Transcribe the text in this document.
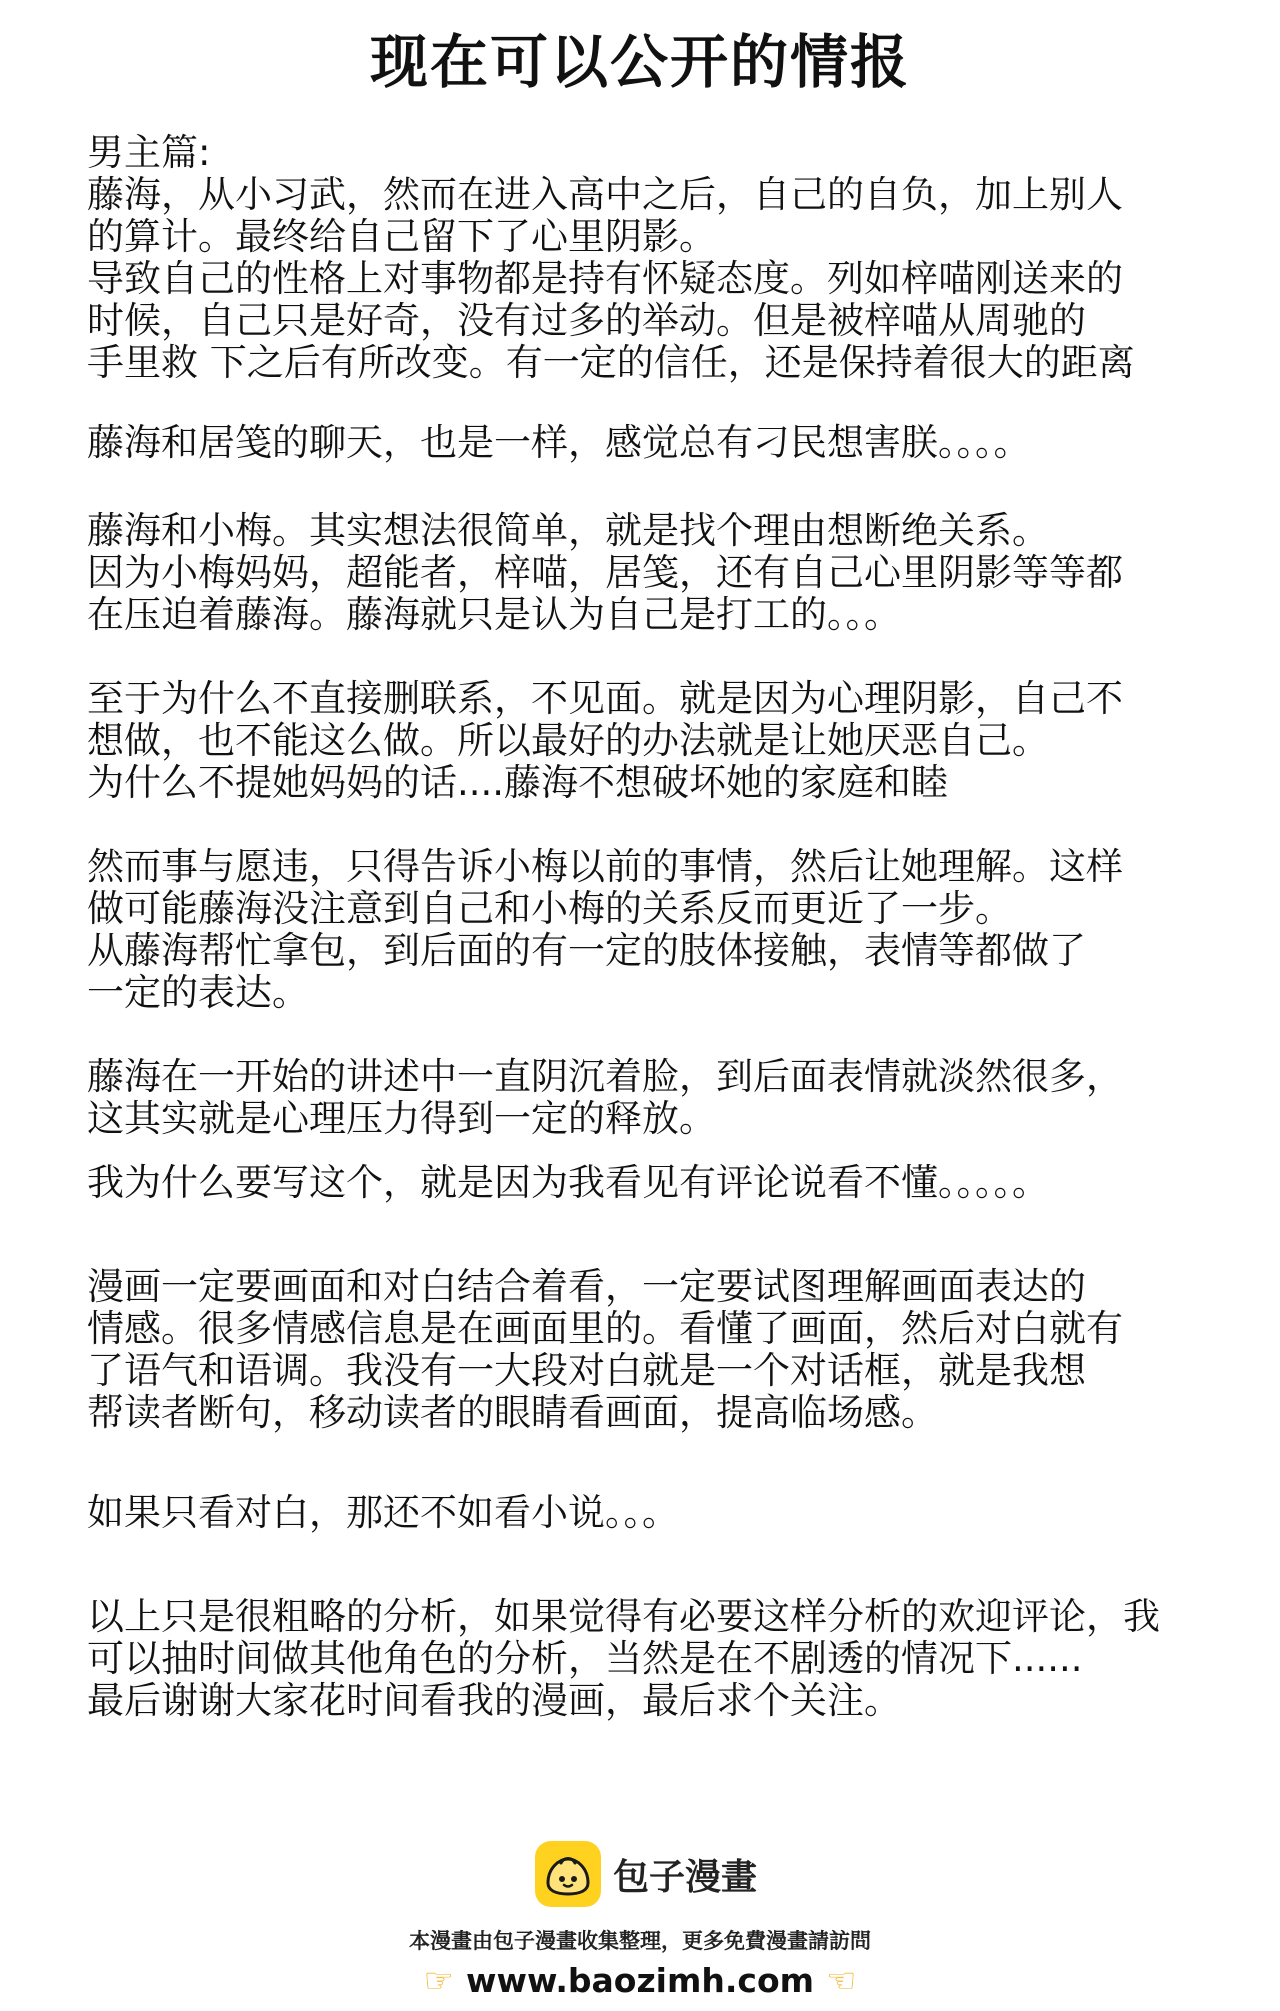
现在可以公开的情报
男主篇:
藤海，从小习武，然而在进入高中之后，自己的自负，加上别人
的算计。最终给自己留下了心里阴影。
导致自己的性格上对事物都是持有怀疑态度。列如梓喵刚送来的
时候，自己只是好奇，没有过多的举动。但是被梓喵从周驰的
手里救 下之后有所改变。有一定的信任，还是保持着很大的距离
藤海和居笺的聊天，也是一样，感觉总有刁民想害朕。。。。
藤海和小梅。其实想法很简单，就是找个理由想断绝关系。
因为小梅妈妈，超能者，梓喵，居笺，还有自己心里阴影等等都
在压迫着藤海。藤海就只是认为自己是打工的。。。
至于为什么不直接删联系，不见面。就是因为心理阴影，自己不
想做，也不能这么做。所以最好的办法就是让她厌恶自己。
为什么不提她妈妈的话....藤海不想破坏她的家庭和睦
然而事与愿违，只得告诉小梅以前的事情，然后让她理解。这样
做可能藤海没注意到自己和小梅的关系反而更近了一步。
从藤海帮忙拿包，到后面的有一定的肢体接触，表情等都做了
一定的表达。
藤海在一开始的讲述中一直阴沉着脸，到后面表情就淡然很多，
这其实就是心理压力得到一定的释放。
我为什么要写这个，就是因为我看见有评论说看不懂。。。。。
漫画一定要画面和对白结合着看，一定要试图理解画面表达的
情感。很多情感信息是在画面里的。看懂了画面，然后对白就有
了语气和语调。我没有一大段对白就是一个对话框，就是我想
帮读者断句，移动读者的眼睛看画面，提高临场感。
如果只看对白，那还不如看小说。。。
以上只是很粗略的分析，如果觉得有必要这样分析的欢迎评论，我
可以抽时间做其他角色的分析，当然是在不剧透的情况下......
最后谢谢大家花时间看我的漫画，最后求个关注。
包子漫畫
本漫畫由包子漫畫收集整理，更多免費漫畫請訪問
☞ www.baozimh.com ☞
